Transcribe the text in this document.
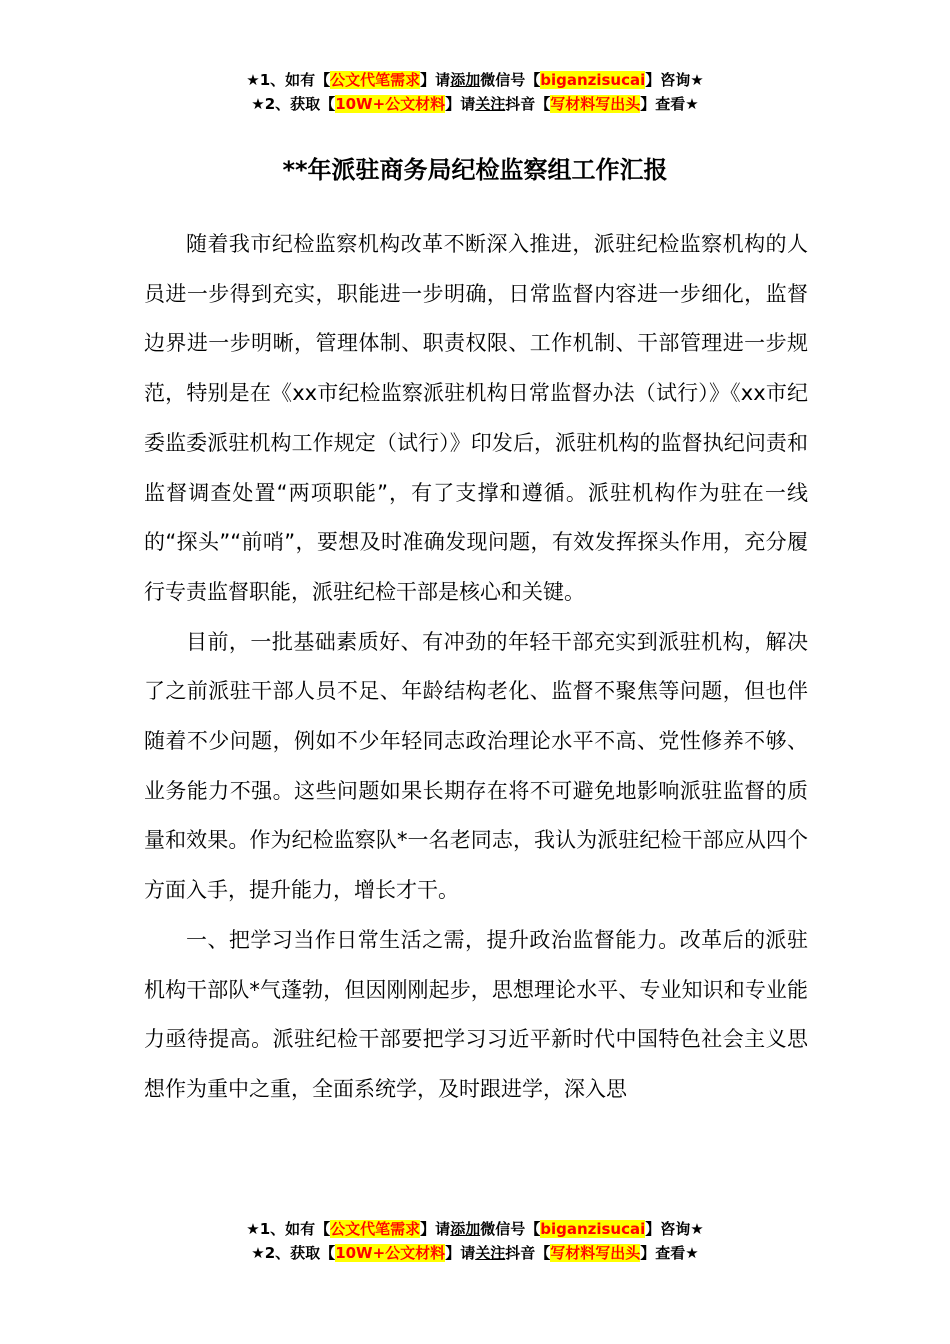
★1、如有【公文代笔需求】请添加微信号【biganzisucai】咨询★
★2、获取【10W+公文材料】请关注抖音【写材料写出头】查看★
**年派驻商务局纪检监察组工作汇报

随着我市纪检监察机构改革不断深入推进，派驻纪检监察机构的人员进一步得到充实，职能进一步明确，日常监督内容进一步细化，监督边界进一步明晰，管理体制、职责权限、工作机制、干部管理进一步规范，特别是在《xx市纪检监察派驻机构日常监督办法（试行）》《xx市纪委监委派驻机构工作规定（试行）》印发后，派驻机构的监督执纪问责和监督调查处置“两项职能”，有了支撑和遵循。派驻机构作为驻在一线的“探头”“前哨”，要想及时准确发现问题，有效发挥探头作用，充分履行专责监督职能，派驻纪检干部是核心和关键。

目前，一批基础素质好、有冲劲的年轻干部充实到派驻机构，解决了之前派驻干部人员不足、年龄结构老化、监督不聚焦等问题，但也伴随着不少问题，例如不少年轻同志政治理论水平不高、党性修养不够、业务能力不强。这些问题如果长期存在将不可避免地影响派驻监督的质量和效果。作为纪检监察队*一名老同志，我认为派驻纪检干部应从四个方面入手，提升能力，增长才干。

一、把学习当作日常生活之需，提升政治监督能力。改革后的派驻机构干部队*气蓬勃，但因刚刚起步，思想理论水平、专业知识和专业能力亟待提高。派驻纪检干部要把学习习近平新时代中国特色社会主义思想作为重中之重，全面系统学，及时跟进学，深入思

★1、如有【公文代笔需求】请添加微信号【biganzisucai】咨询★
★2、获取【10W+公文材料】请关注抖音【写材料写出头】查看★
